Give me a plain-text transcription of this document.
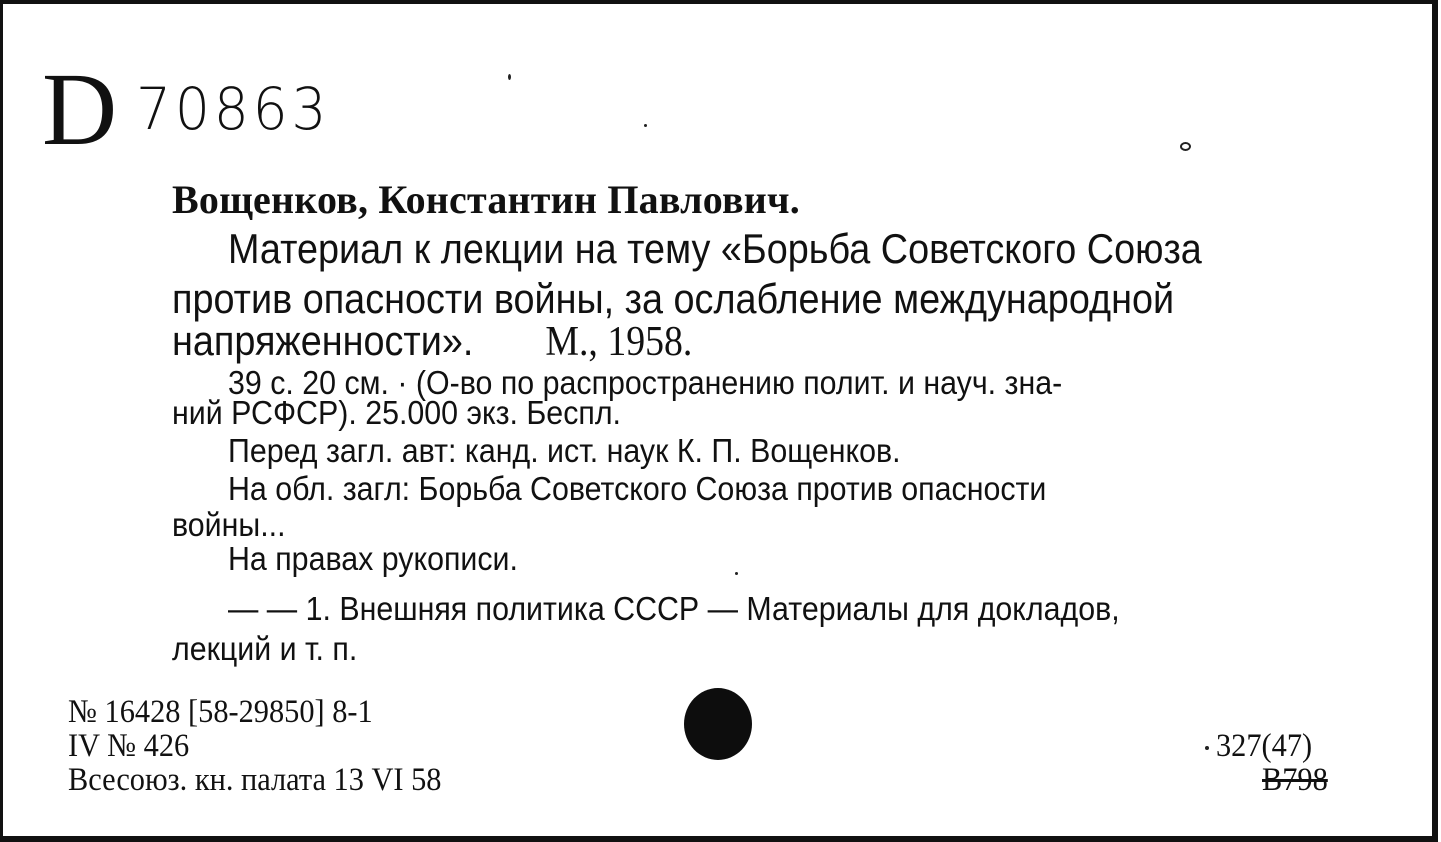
D 70863
Вощенков, Константин Павлович.
Материал к лекции на тему «Борьба Советского Союза
против опасности войны, за ослабление международной
напряженности». М., 1958.
39 с. 20 см. · (О-во по распространению полит. и науч. зна-
ний РСФСР). 25.000 экз. Беспл.
Перед загл. авт: канд. ист. наук К. П. Вощенков.
На обл. загл: Борьба Советского Союза против опасности
войны...
На правах рукописи.
— — 1. Внешняя политика СССР — Материалы для докладов,
лекций и т. п.
№ 16428 [58-29850] 8-1
IV № 426
Всесоюз. кн. палата 13 VI 58
327(47)
В798
